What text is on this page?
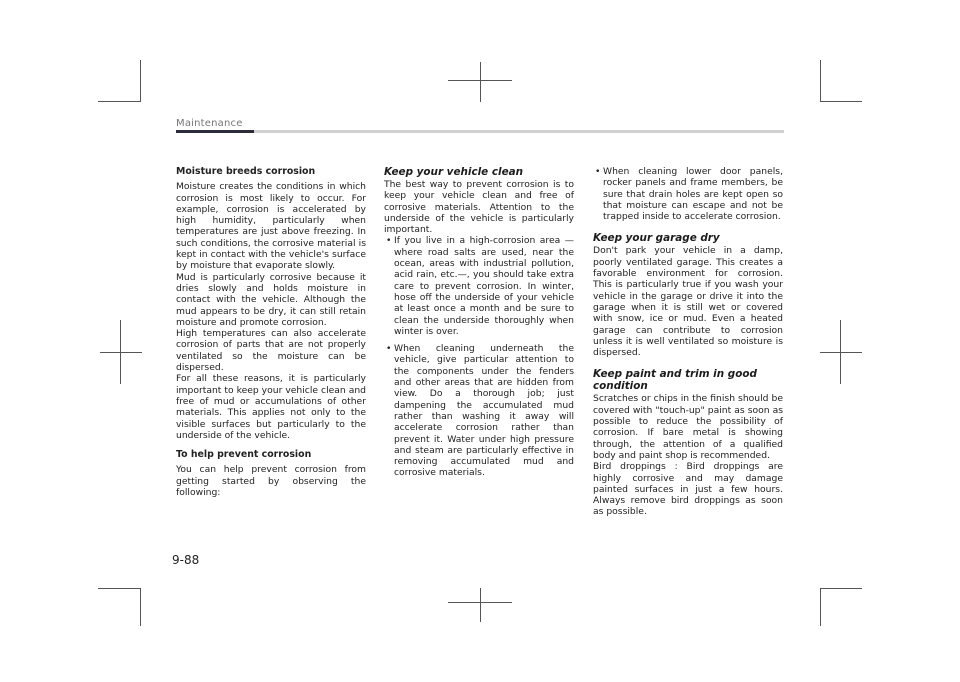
Maintenance
Moisture breeds corrosion

Moisture creates the conditions in which corrosion is most likely to occur. For example, corrosion is accelerated by high humidity, particularly when temperatures are just above freezing. In such conditions, the corrosive material is kept in contact with the vehicle's surface by moisture that evaporate slowly.

Mud is particularly corrosive because it dries slowly and holds moisture in contact with the vehicle. Although the mud appears to be dry, it can still retain moisture and promote corrosion.

High temperatures can also accelerate corrosion of parts that are not properly ventilated so the moisture can be dispersed.

For all these reasons, it is particularly important to keep your vehicle clean and free of mud or accumulations of other materials. This applies not only to the visible surfaces but particularly to the underside of the vehicle.

To help prevent corrosion

You can help prevent corrosion from getting started by observing the following:

Keep your vehicle clean

The best way to prevent corrosion is to keep your vehicle clean and free of corrosive materials. Attention to the underside of the vehicle is particularly important.

• If you live in a high-corrosion area — where road salts are used, near the ocean, areas with industrial pollution, acid rain, etc.—, you should take extra care to prevent corrosion. In winter, hose off the underside of your vehicle at least once a month and be sure to clean the underside thoroughly when winter is over.
• When cleaning underneath the vehicle, give particular attention to the components under the fenders and other areas that are hidden from view. Do a thorough job; just dampening the accumulated mud rather than washing it away will accelerate corrosion rather than prevent it. Water under high pressure and steam are particularly effective in removing accumulated mud and corrosive materials.
• When cleaning lower door panels, rocker panels and frame members, be sure that drain holes are kept open so that moisture can escape and not be trapped inside to accelerate corrosion.
Keep your garage dry

Don't park your vehicle in a damp, poorly ventilated garage. This creates a favorable environment for corrosion. This is particularly true if you wash your vehicle in the garage or drive it into the garage when it is still wet or covered with snow, ice or mud. Even a heated garage can contribute to corrosion unless it is well ventilated so moisture is dispersed.

Keep paint and trim in good condition

Scratches or chips in the finish should be covered with "touch-up" paint as soon as possible to reduce the possibility of corrosion. If bare metal is showing through, the attention of a qualified body and paint shop is recommended.

Bird droppings : Bird droppings are highly corrosive and may damage painted surfaces in just a few hours. Always remove bird droppings as soon as possible.

9-88
